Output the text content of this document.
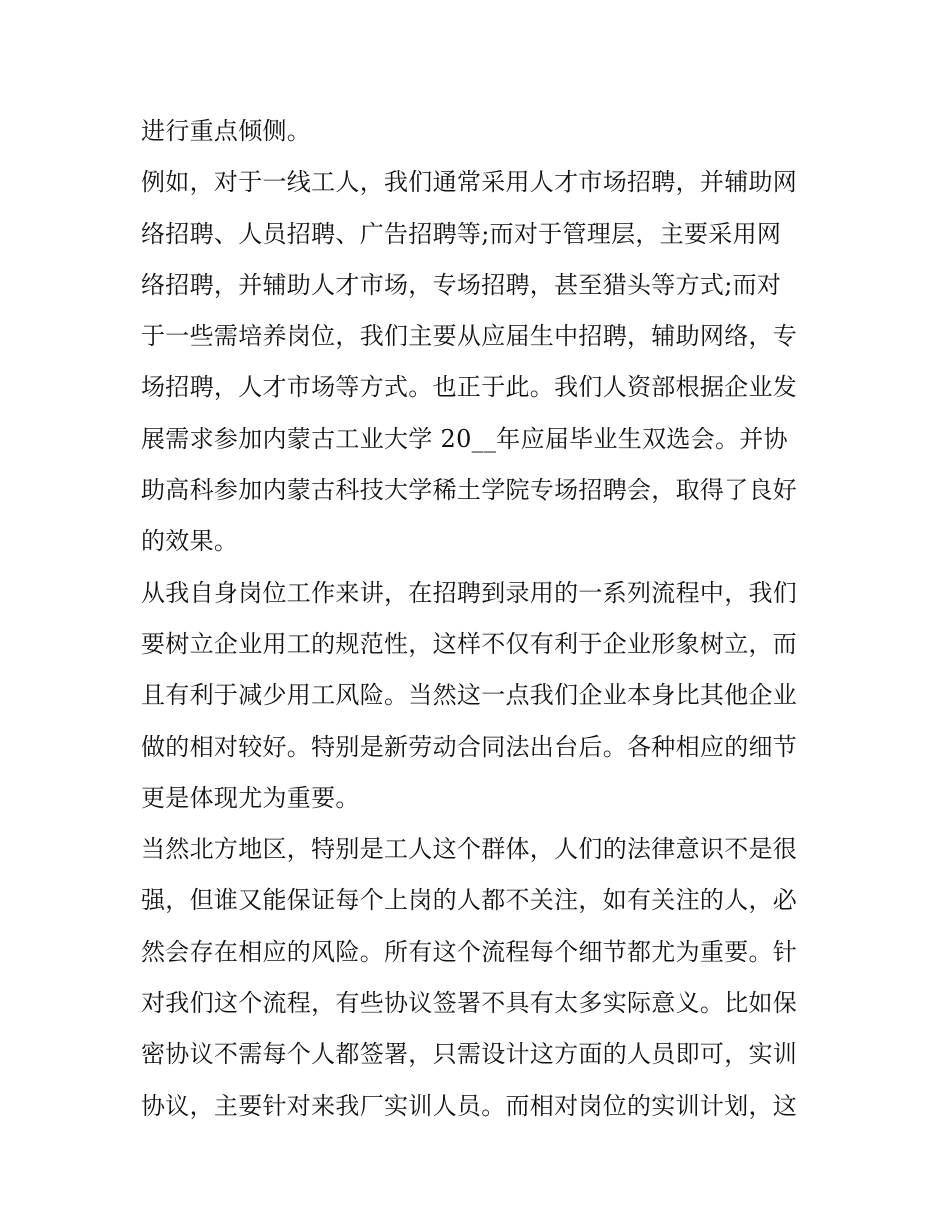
进行重点倾侧。
例如，对于一线工人，我们通常采用人才市场招聘，并辅助网
络招聘、人员招聘、广告招聘等;而对于管理层，主要采用网
络招聘，并辅助人才市场，专场招聘，甚至猎头等方式;而对
于一些需培养岗位，我们主要从应届生中招聘，辅助网络，专
场招聘，人才市场等方式。也正于此。我们人资部根据企业发
展需求参加内蒙古工业大学 20__年应届毕业生双选会。并协
助高科参加内蒙古科技大学稀土学院专场招聘会，取得了良好
的效果。
从我自身岗位工作来讲，在招聘到录用的一系列流程中，我们
要树立企业用工的规范性，这样不仅有利于企业形象树立，而
且有利于减少用工风险。当然这一点我们企业本身比其他企业
做的相对较好。特别是新劳动合同法出台后。各种相应的细节
更是体现尤为重要。
当然北方地区，特别是工人这个群体，人们的法律意识不是很
强，但谁又能保证每个上岗的人都不关注，如有关注的人，必
然会存在相应的风险。所有这个流程每个细节都尤为重要。针
对我们这个流程，有些协议签署不具有太多实际意义。比如保
密协议不需每个人都签署，只需设计这方面的人员即可，实训
协议，主要针对来我厂实训人员。而相对岗位的实训计划，这
